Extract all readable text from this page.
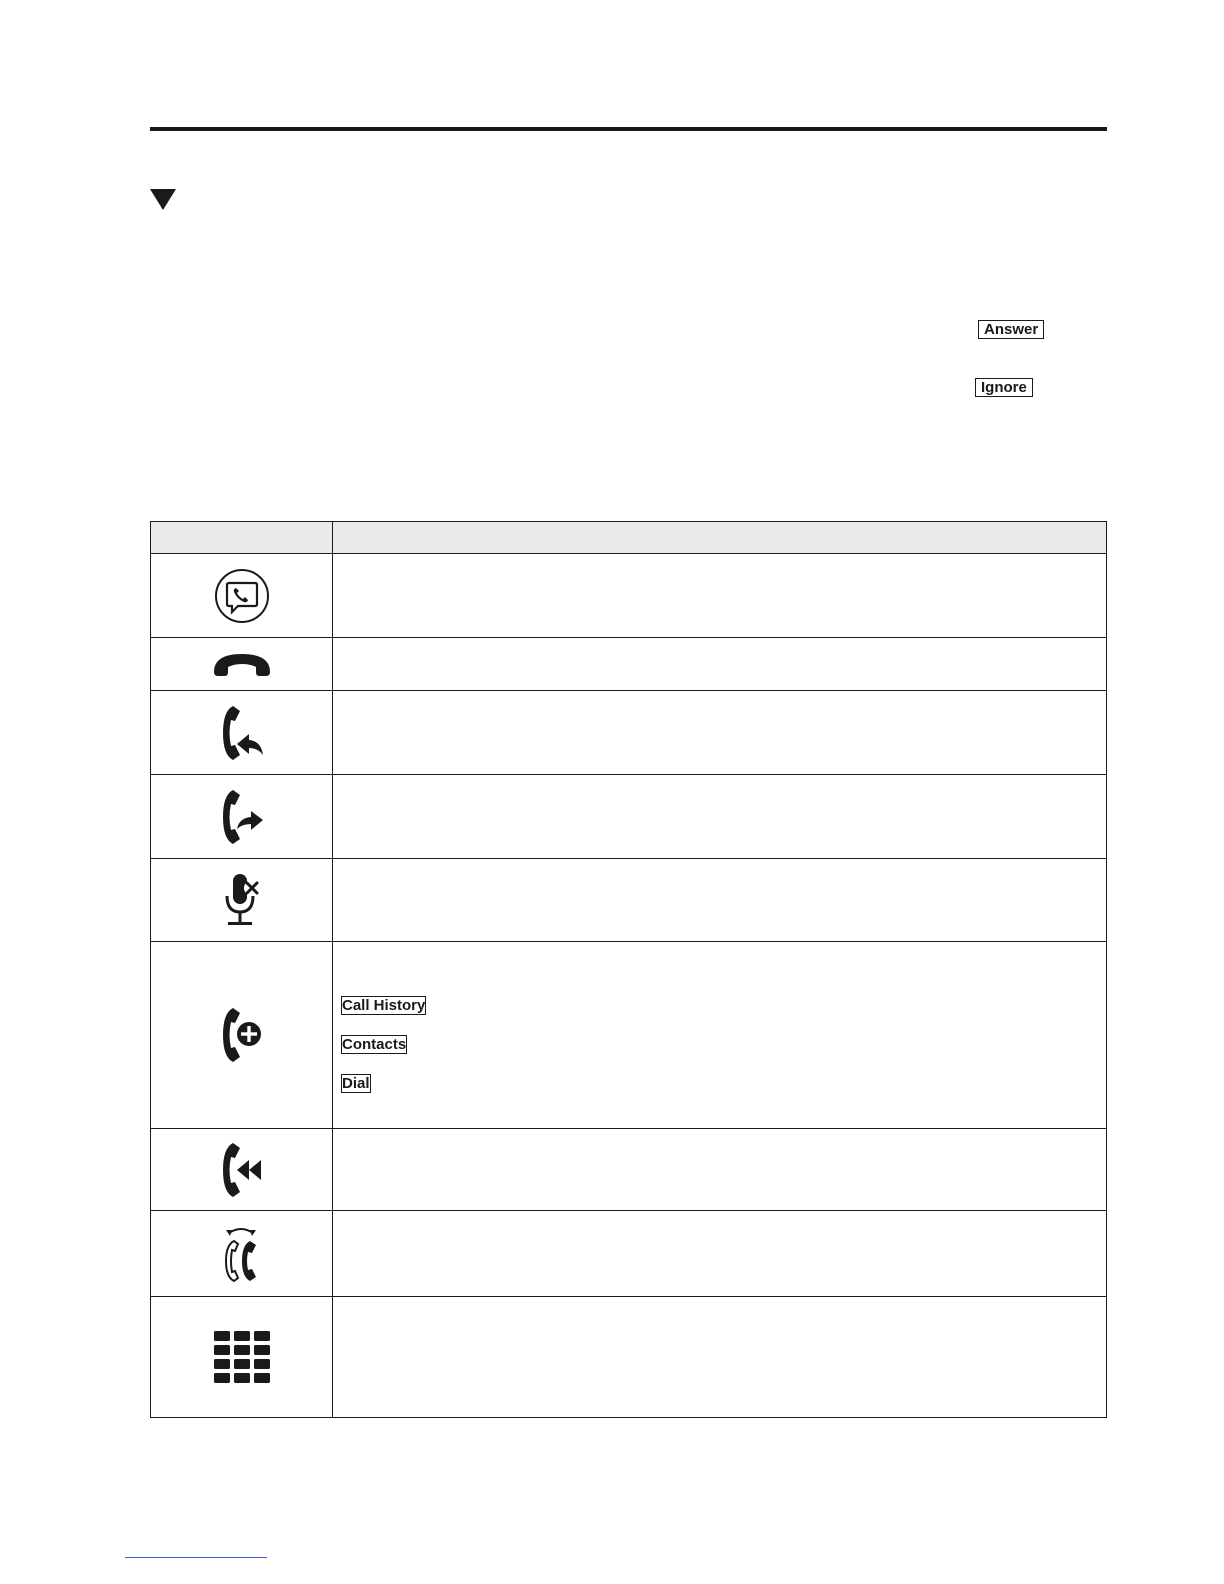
Answer
Ignore

Call History
Contacts
Dial
